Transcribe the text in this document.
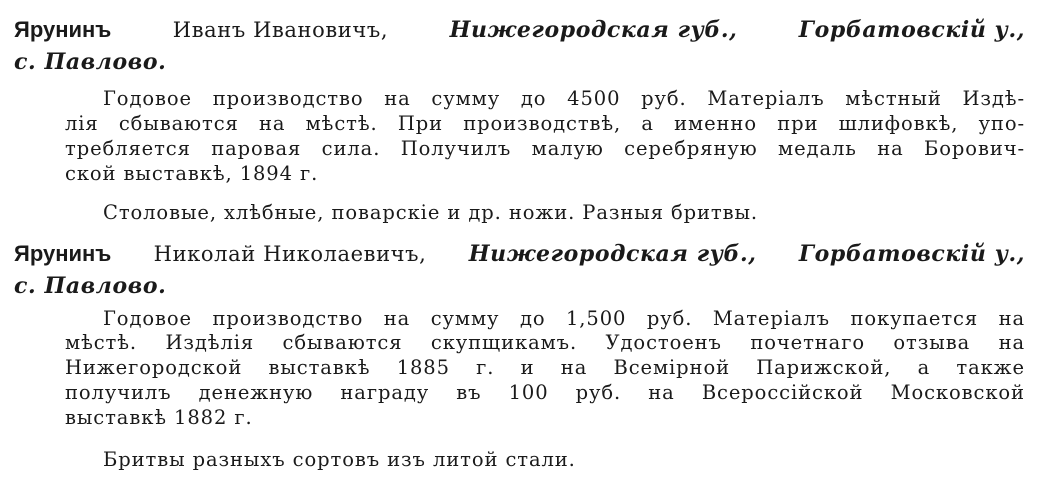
Ярунинъ	Иванъ Ивановичъ,	Нижегородская губ.,	Горбатовскiй у.,
с. Павлово.
Годовое производство на сумму до 4500 руб. Матерiалъ мѣстный Издѣ-
лiя сбываются на мѣстѣ. При производствѣ, а именно при шлифовкѣ, упо-
требляется паровая сила. Получилъ малую серебряную медаль на Борович-
ской выставкѣ, 1894 г.
Столовые, хлѣбные, поварскiе и др. ножи. Разныя бритвы.
Ярунинъ Николай Николаевичъ, Нижегородская губ., Горбатовскiй у.,
с. Павлово.
Годовое производство на сумму до 1,500 руб. Матерiалъ покупается на
мѣстѣ. Издѣлiя сбываются скупщикамъ. Удостоенъ почетнаго отзыва на
Нижегородской выставкѣ 1885 г. и на Всемiрной Парижской, а также
получилъ денежную награду въ 100 руб. на Всероссiйской Московской
выставкѣ 1882 г.
Бритвы разныхъ сортовъ изъ литой стали.
